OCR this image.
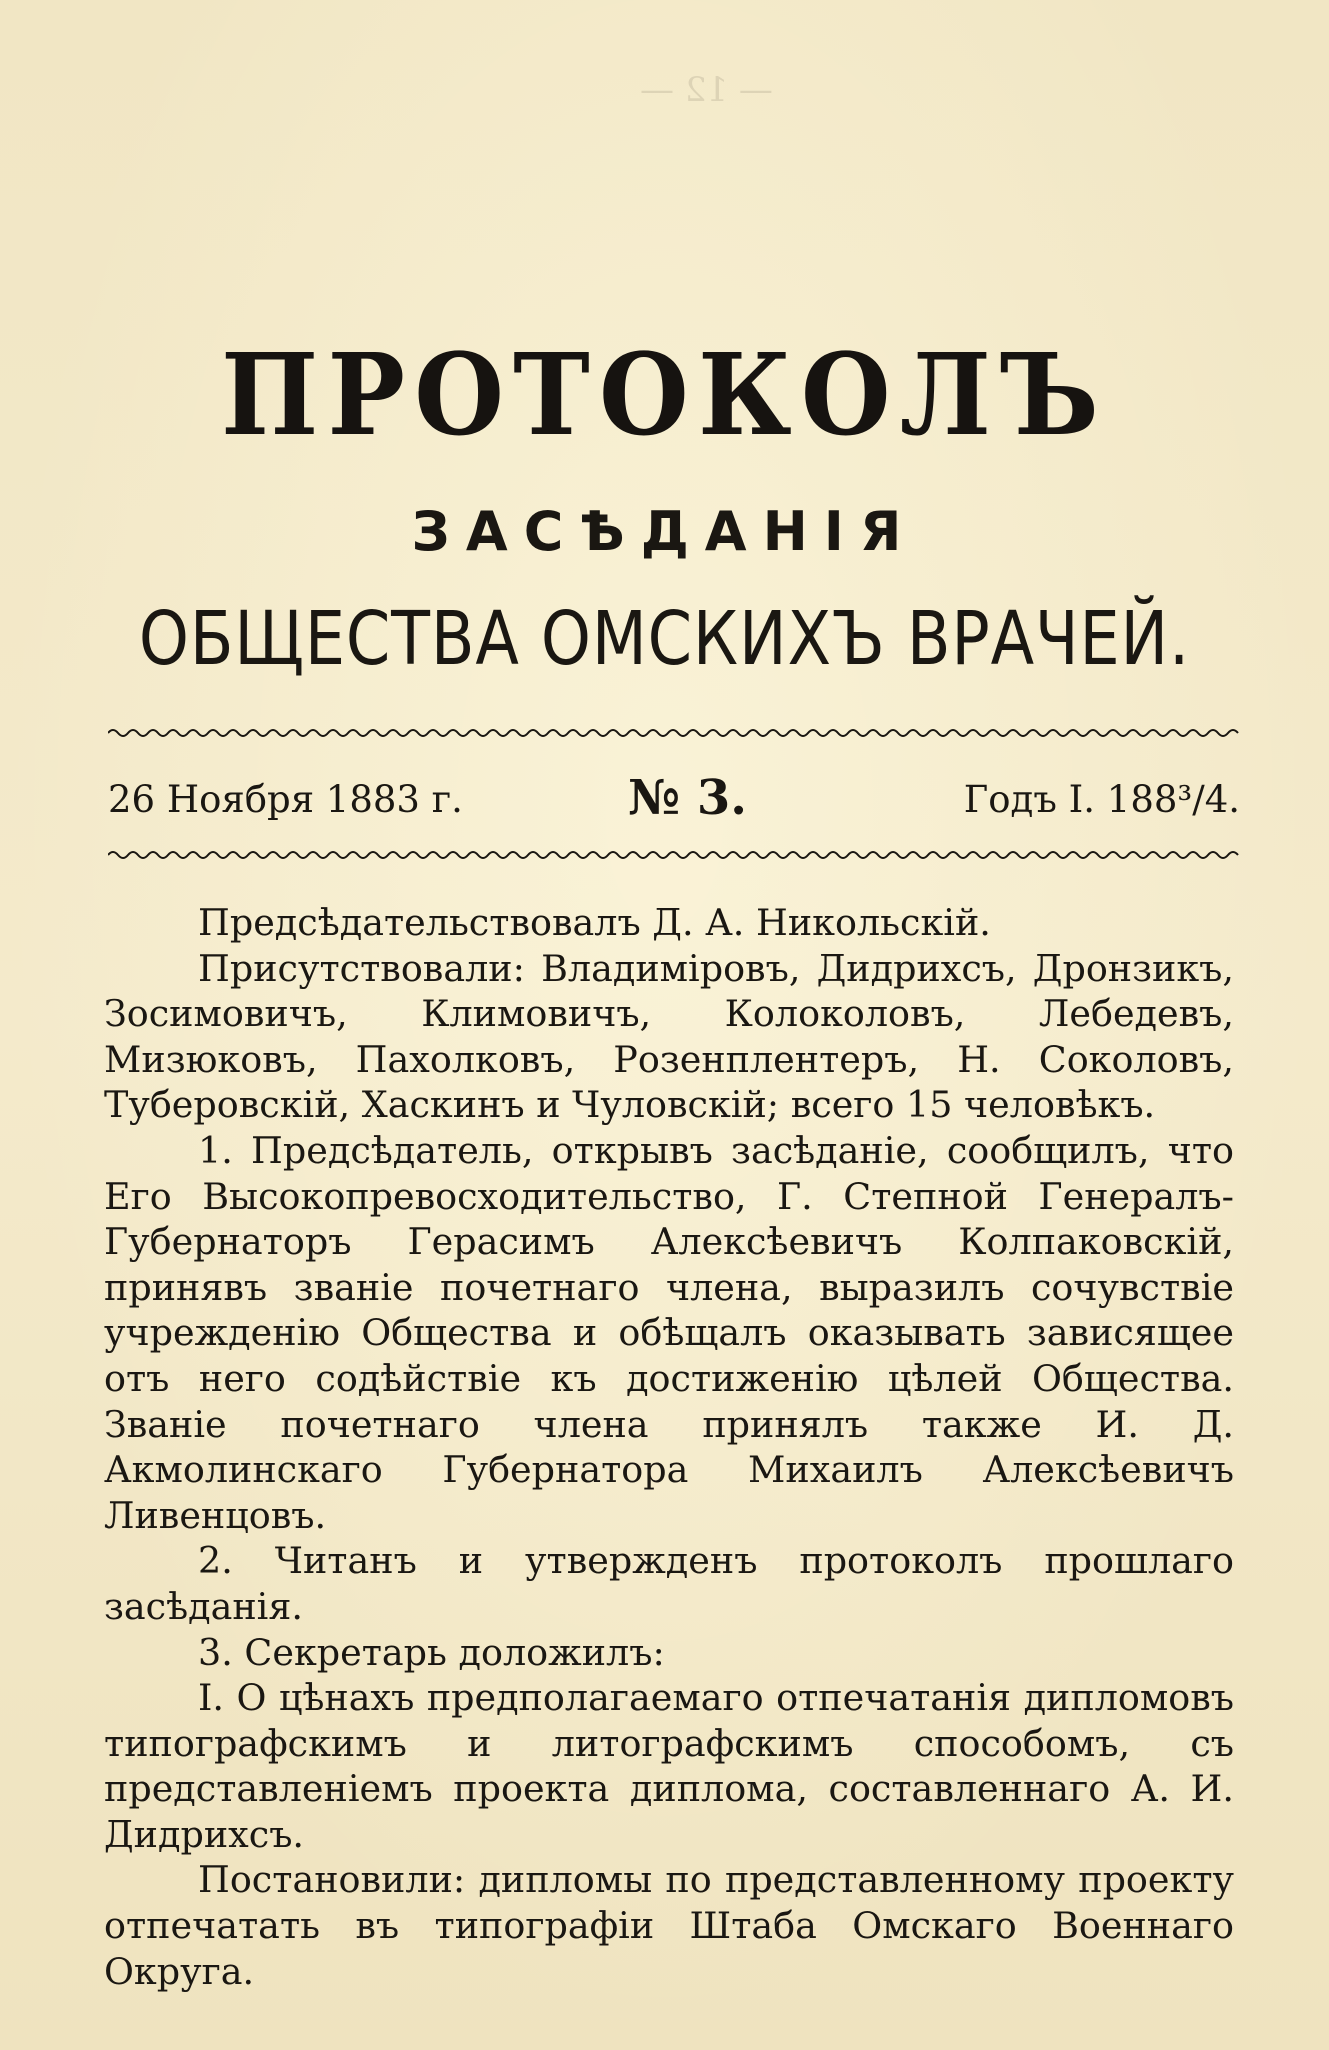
— 12 —
ПРОТОКОЛЪ
ЗАСѢДАНІЯ
ОБЩЕСТВА ОМСКИХЪ ВРАЧЕЙ.
26 Ноября 1883 г.	№ 3.	Годъ I. 188³/4.

Предсѣдательствовалъ Д. А. Никольскій.

Присутствовали: Владиміровъ, Дидрихсъ, Дронзикъ, Зосимовичъ, Климовичъ, Колоколовъ, Лебедевъ, Мизюковъ, Пахолковъ, Розенплентеръ, Н. Соколовъ, Туберовскій, Хаскинъ и Чуловскій; всего 15 человѣкъ.

1. Предсѣдатель, открывъ засѣданіе, сообщилъ, что Его Высокопревосходительство, Г. Степной Генералъ-Губернаторъ Герасимъ Алексѣевичъ Колпаковскій, принявъ званіе почетнаго члена, выразилъ сочувствіе учрежденію Общества и обѣщалъ оказывать зависящее отъ него содѣйствіе къ достиженію цѣлей Общества. Званіе почетнаго члена принялъ также И. Д. Акмолинскаго Губернатора Михаилъ Алексѣевичъ Ливенцовъ.

2. Читанъ и утвержденъ протоколъ прошлаго засѣданія.

3. Секретарь доложилъ:

I. О цѣнахъ предполагаемаго отпечатанія дипломовъ типографскимъ и литографскимъ способомъ, съ представленіемъ проекта диплома, составленнаго А. И. Дидрихсъ.

Постановили: дипломы по представленному проекту отпечатать въ типографіи Штаба Омскаго Военнаго Округа.
